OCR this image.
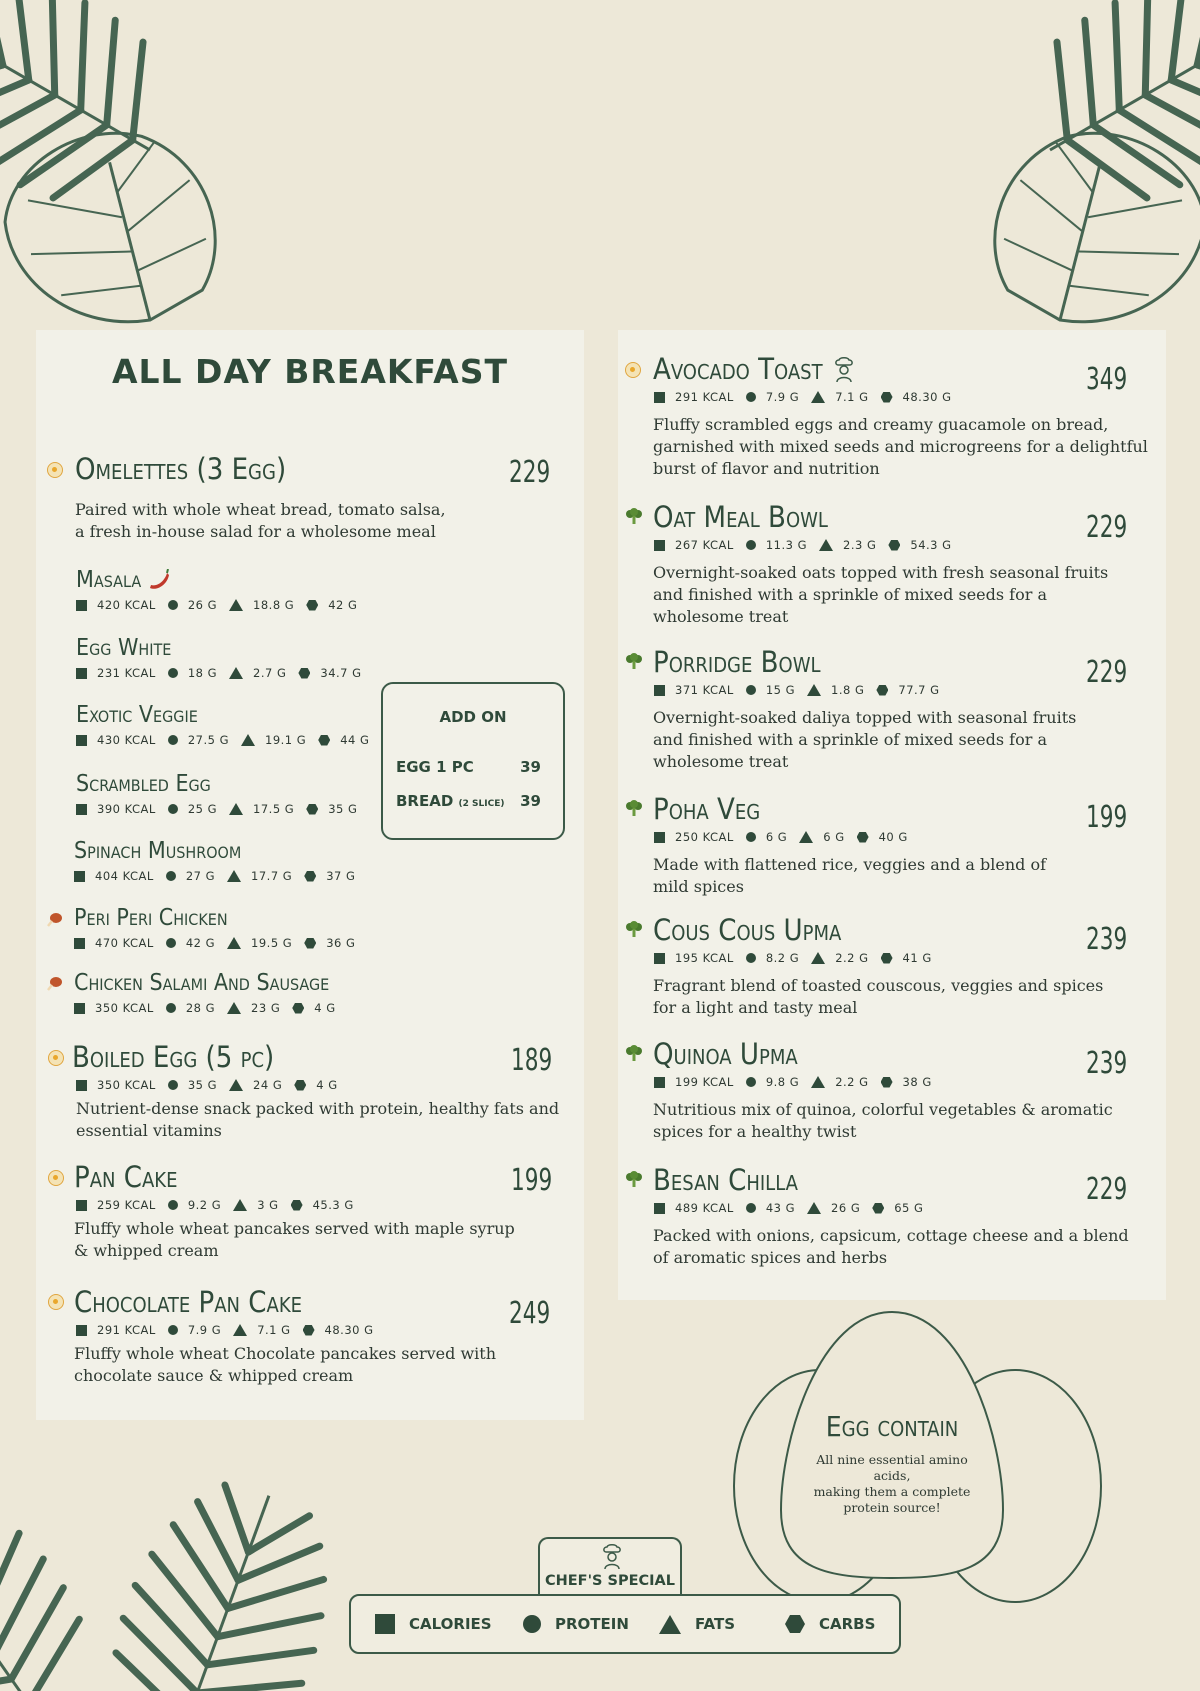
ALL DAY BREAKFAST
Omelettes (3 Egg)
Paired with whole wheat bread, tomato salsa,
a fresh in-house salad for a wholesome meal
229
Masala
420 KCAL	26 G	18.8 G	42 G
Egg White
231 KCAL	18 G	2.7 G	34.7 G
Exotic Veggie
430 KCAL	27.5 G	19.1 G	44 G
Scrambled Egg
390 KCAL	25 G	17.5 G	35 G
Spinach Mushroom
404 KCAL	27 G	17.7 G	37 G
Peri Peri Chicken
470 KCAL	42 G	19.5 G	36 G
Chicken Salami And Sausage
350 KCAL	28 G	23 G	4 G
ADD ON
EGG 1 PC	39
BREAD (2 SLICE) 39
Boiled Egg (5 pc)
350 KCAL	35 G	24 G	4 G
Nutrient-dense snack packed with protein, healthy fats and
essential vitamins
189
Pan Cake
259 KCAL	9.2 G	3 G	45.3 G
Fluffy whole wheat pancakes served with maple syrup
& whipped cream
199
Chocolate Pan Cake
291 KCAL	7.9 G	7.1 G	48.30 G
Fluffy whole wheat Chocolate pancakes served with
chocolate sauce & whipped cream
249
Avocado Toast
291 KCAL	7.9 G	7.1 G	48.30 G
Fluffy scrambled eggs and creamy guacamole on bread,
garnished with mixed seeds and microgreens for a delightful
burst of flavor and nutrition
349
Oat Meal Bowl
267 KCAL	11.3 G	2.3 G	54.3 G
Overnight-soaked oats topped with fresh seasonal fruits
and finished with a sprinkle of mixed seeds for a
wholesome treat
229
Porridge Bowl
371 KCAL	15 G	1.8 G	77.7 G
Overnight-soaked daliya topped with seasonal fruits
and finished with a sprinkle of mixed seeds for a
wholesome treat
229
Poha Veg
250 KCAL	6 G	6 G	40 G
Made with flattened rice, veggies and a blend of
mild spices
199
Cous Cous Upma
195 KCAL	8.2 G	2.2 G	41 G
Fragrant blend of toasted couscous, veggies and spices
for a light and tasty meal
239
Quinoa Upma
199 KCAL	9.8 G	2.2 G	38 G
Nutritious mix of quinoa, colorful vegetables & aromatic
spices for a healthy twist
239
Besan Chilla
489 KCAL	43 G	26 G	65 G
Packed with onions, capsicum, cottage cheese and a blend
of aromatic spices and herbs
229
Egg contain
All nine essential amino acids,
making them a complete
protein source!
CHEF'S SPECIAL
CALORIES	PROTEIN	FATS	CARBS
